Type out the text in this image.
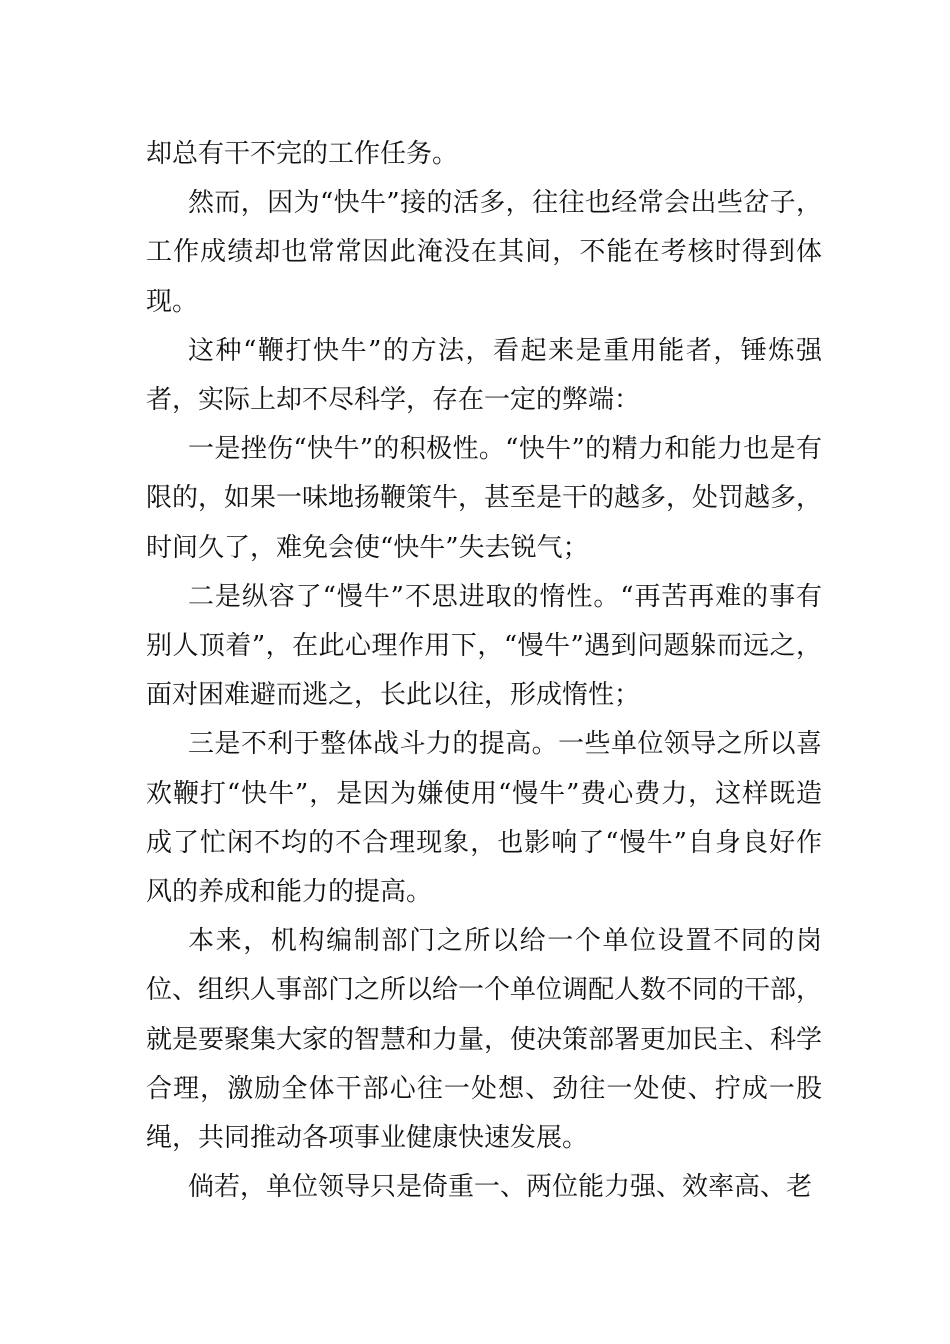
却总有干不完的工作任务。

然而，因为“快牛”接的活多，往往也经常会出些岔子，工作成绩却也常常因此淹没在其间，不能在考核时得到体现。

这种“鞭打快牛”的方法，看起来是重用能者，锤炼强者，实际上却不尽科学，存在一定的弊端：

一是挫伤“快牛”的积极性。“快牛”的精力和能力也是有限的，如果一味地扬鞭策牛，甚至是干的越多，处罚越多，时间久了，难免会使“快牛”失去锐气；

二是纵容了“慢牛”不思进取的惰性。“再苦再难的事有别人顶着”，在此心理作用下，“慢牛”遇到问题躲而远之，面对困难避而逃之，长此以往，形成惰性；

三是不利于整体战斗力的提高。一些单位领导之所以喜欢鞭打“快牛”，是因为嫌使用“慢牛”费心费力，这样既造成了忙闲不均的不合理现象，也影响了“慢牛”自身良好作风的养成和能力的提高。

本来，机构编制部门之所以给一个单位设置不同的岗位、组织人事部门之所以给一个单位调配人数不同的干部，就是要聚集大家的智慧和力量，使决策部署更加民主、科学合理，激励全体干部心往一处想、劲往一处使、拧成一股绳，共同推动各项事业健康快速发展。

倘若，单位领导只是倚重一、两位能力强、效率高、老
